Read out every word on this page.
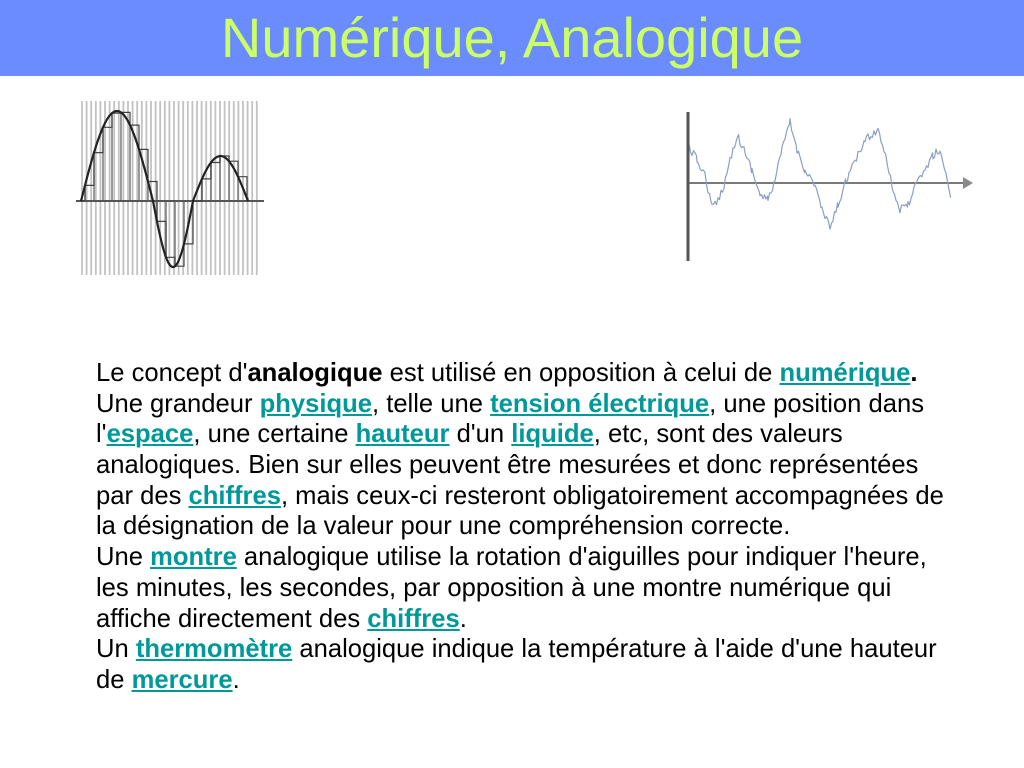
Numérique, Analogique
Le concept d'analogique est utilisé en opposition à celui de numérique.
Une grandeur physique, telle une tension électrique, une position dans
l'espace, une certaine hauteur d'un liquide, etc, sont des valeurs
analogiques. Bien sur elles peuvent être mesurées et donc représentées
par des chiffres, mais ceux-ci resteront obligatoirement accompagnées de
la désignation de la valeur pour une compréhension correcte.
Une montre analogique utilise la rotation d'aiguilles pour indiquer l'heure,
les minutes, les secondes, par opposition à une montre numérique qui
affiche directement des chiffres.
Un thermomètre analogique indique la température à l'aide d'une hauteur
de mercure.
